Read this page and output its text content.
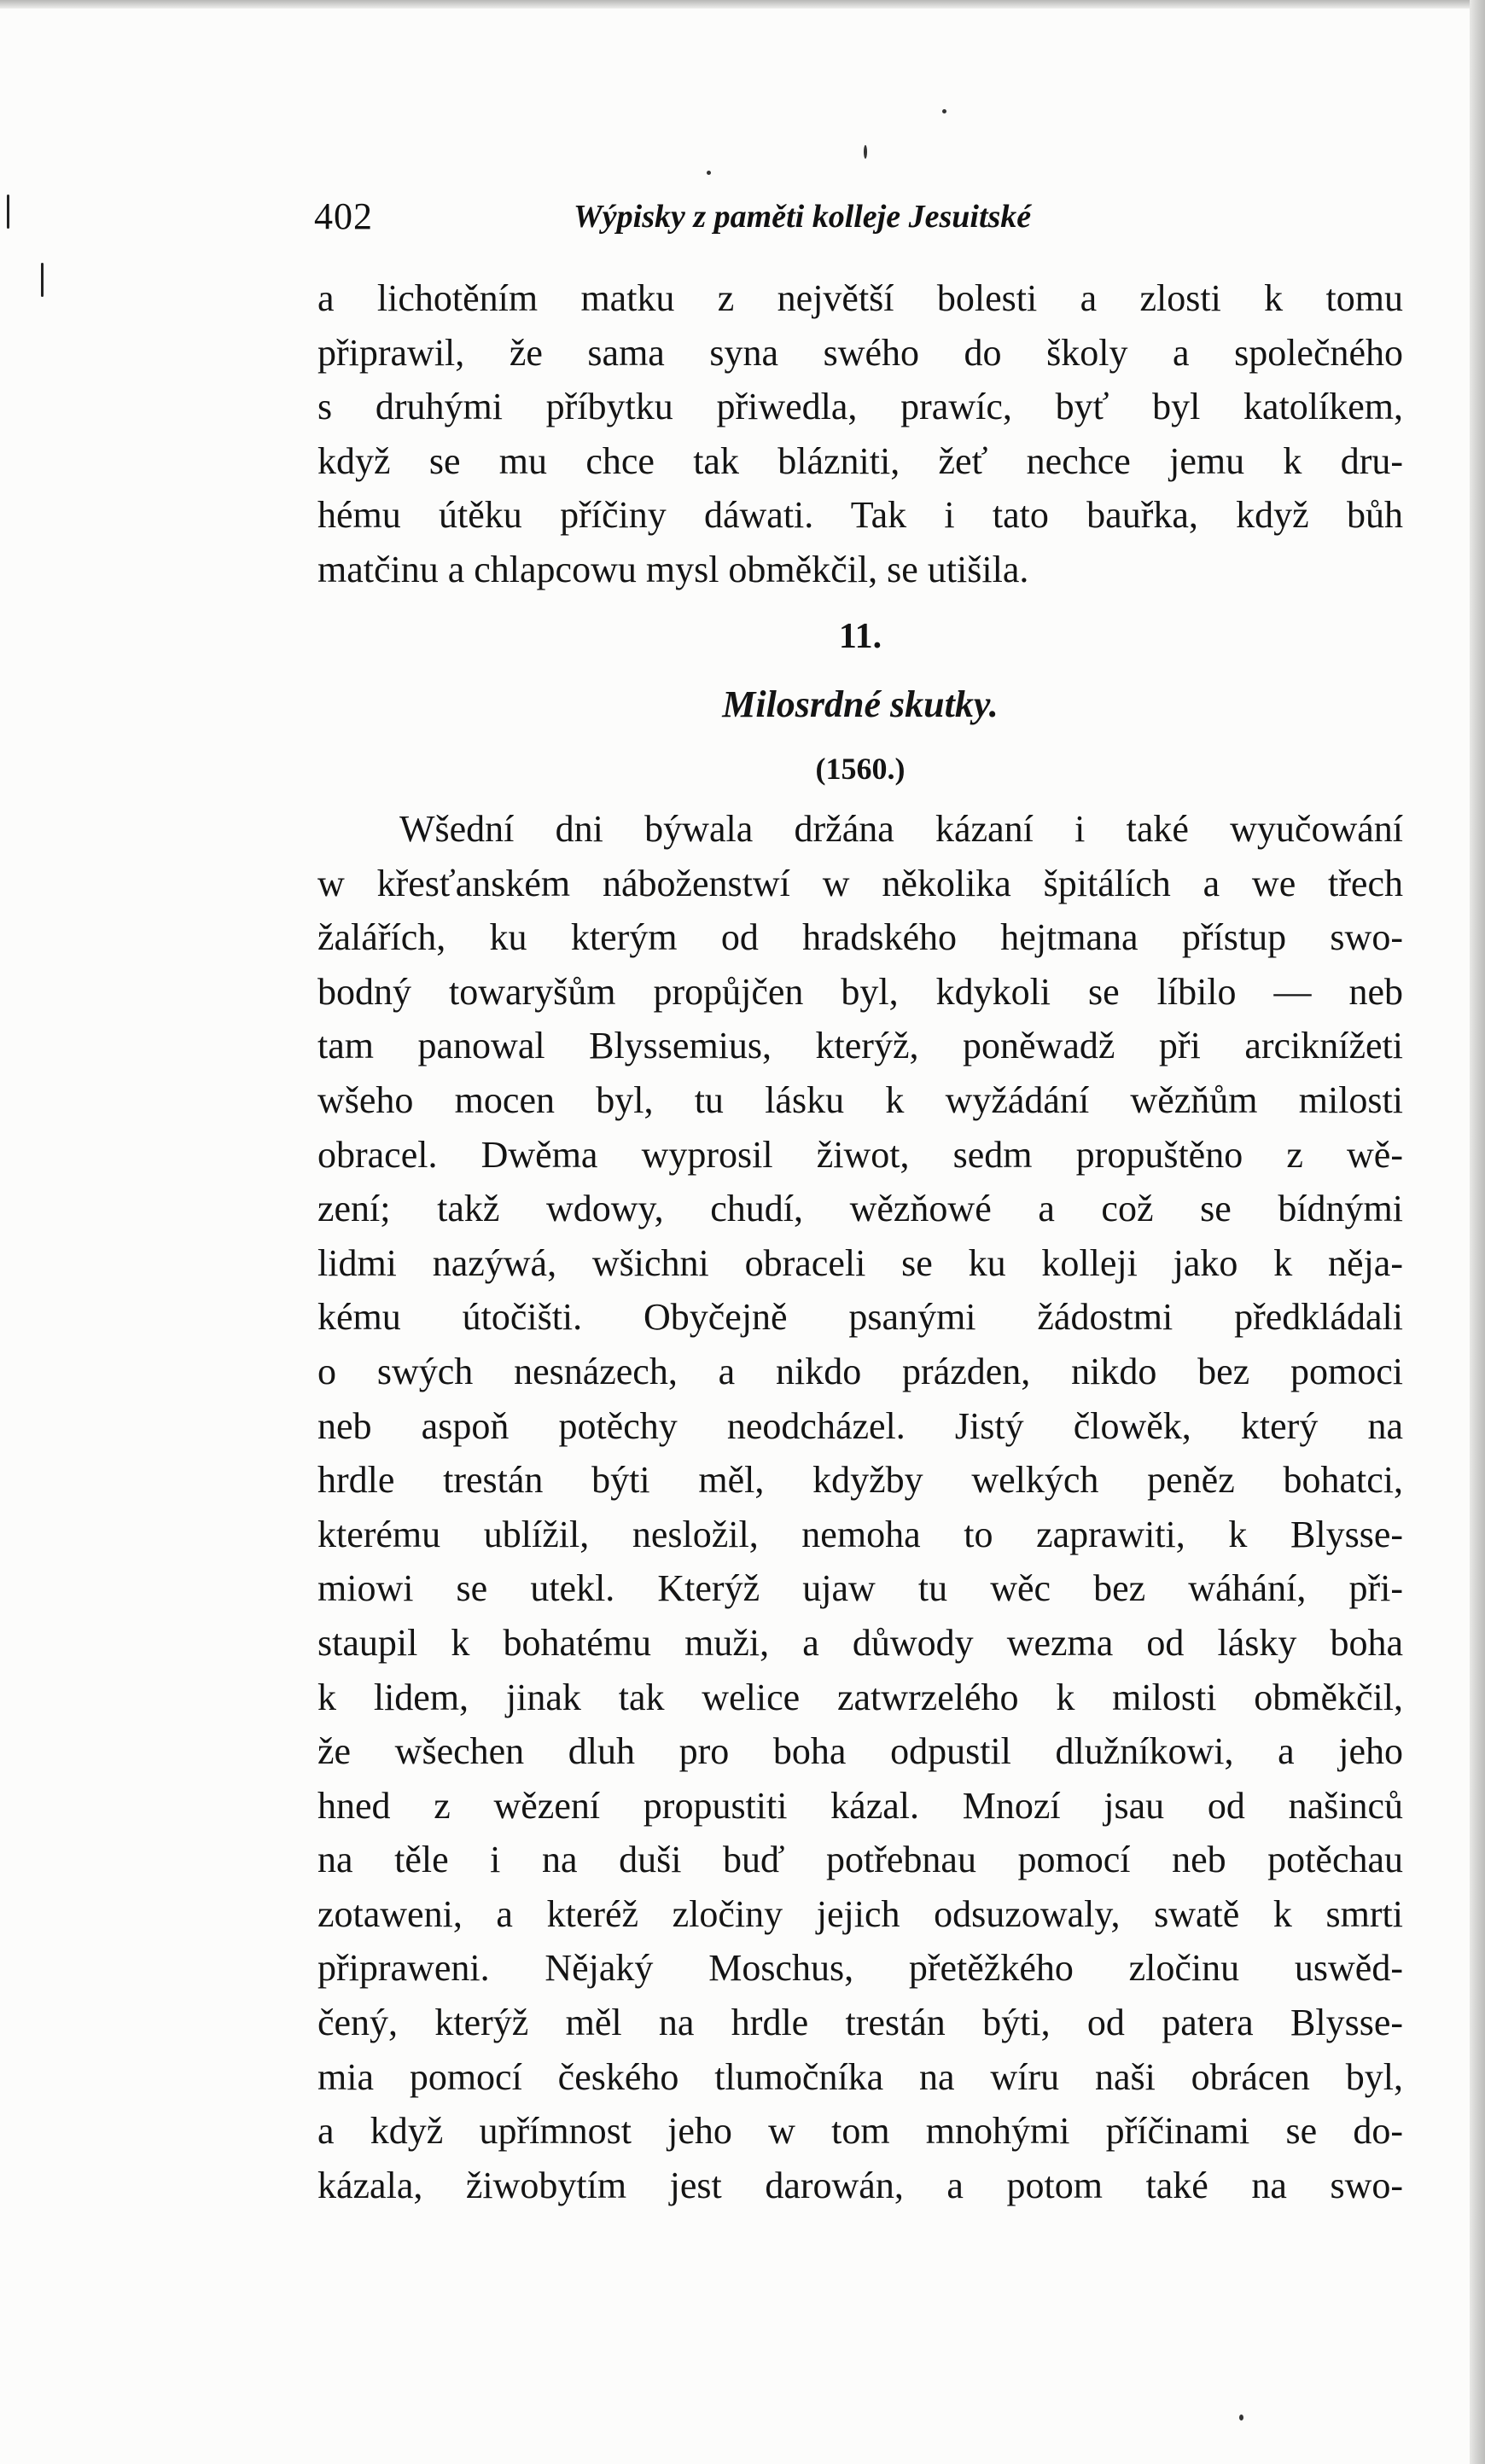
402	Wýpisky z paměti kolleje Jesuitské
a lichotěním matku z největší bolesti a zlosti k tomu
připrawil, že sama syna swého do školy a společného
s druhými příbytku přiwedla, prawíc, byť byl katolíkem,
když se mu chce tak blázniti, žeť nechce jemu k dru-
hému útěku příčiny dáwati. Tak i tato bauřka, když bůh
matčinu a chlapcowu mysl obměkčil, se utišila.
11.
Milosrdné skutky.
(1560.)
Wšední dni býwala držána kázaní i také wyučowání
w křesťanském náboženstwí w několika špitálích a we třech
žalářích, ku kterým od hradského hejtmana přístup swo-
bodný towaryšům propůjčen byl, kdykoli se líbilo — neb
tam panowal Blyssemius, kterýž, poněwadž při arciknížeti
wšeho mocen byl, tu lásku k wyžádání wězňům milosti
obracel. Dwěma wyprosil žiwot, sedm propuštěno z wě-
zení; takž wdowy, chudí, wězňowé a což se bídnými
lidmi nazýwá, wšichni obraceli se ku kolleji jako k něja-
kému útočišti. Obyčejně psanými žádostmi předkládali
o swých nesnázech, a nikdo prázden, nikdo bez pomoci
neb aspoň potěchy neodcházel. Jistý člowěk, který na
hrdle trestán býti měl, kdyžby welkých peněz bohatci,
kterému ublížil, nesložil, nemoha to zaprawiti, k Blysse-
miowi se utekl. Kterýž ujaw tu wěc bez wáhání, při-
staupil k bohatému muži, a důwody wezma od lásky boha
k lidem, jinak tak welice zatwrzelého k milosti obměkčil,
že wšechen dluh pro boha odpustil dlužníkowi, a jeho
hned z wězení propustiti kázal. Mnozí jsau od našinců
na těle i na duši buď potřebnau pomocí neb potěchau
zotaweni, a kteréž zločiny jejich odsuzowaly, swatě k smrti
připraweni. Nějaký Moschus, přetěžkého zločinu uswěd-
čený, kterýž měl na hrdle trestán býti, od patera Blysse-
mia pomocí českého tlumočníka na wíru naši obrácen byl,
a když upřímnost jeho w tom mnohými příčinami se do-
kázala, žiwobytím jest darowán, a potom také na swo-
